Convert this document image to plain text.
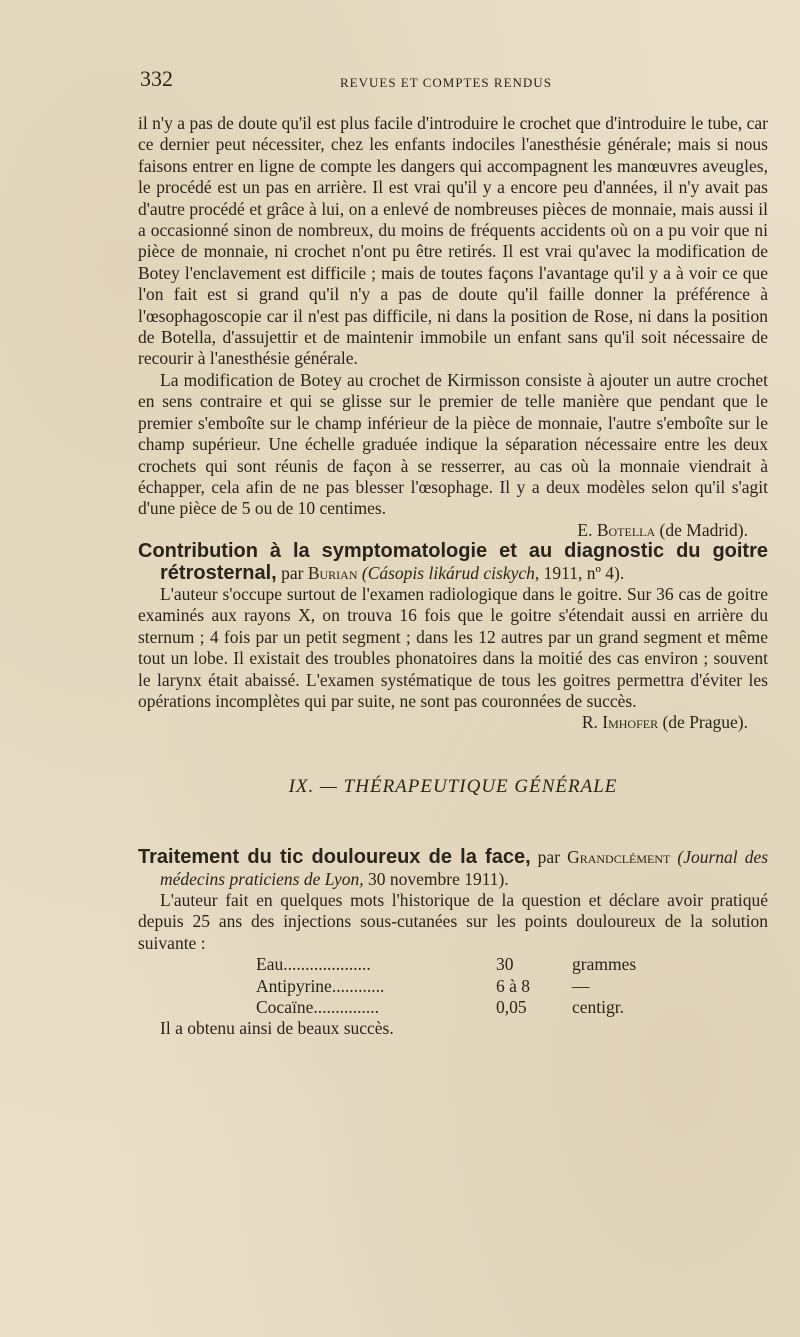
332	REVUES ET COMPTES RENDUS

il n'y a pas de doute qu'il est plus facile d'introduire le crochet que d'introduire le tube, car ce dernier peut nécessiter, chez les enfants indociles l'anesthésie générale; mais si nous faisons entrer en ligne de compte les dangers qui accompagnent les manœuvres aveugles, le procédé est un pas en arrière. Il est vrai qu'il y a encore peu d'années, il n'y avait pas d'autre procédé et grâce à lui, on a enlevé de nombreuses pièces de monnaie, mais aussi il a occasionné sinon de nombreux, du moins de fréquents accidents où on a pu voir que ni pièce de monnaie, ni crochet n'ont pu être retirés. Il est vrai qu'avec la modification de Botey l'enclavement est difficile ; mais de toutes façons l'avantage qu'il y a à voir ce que l'on fait est si grand qu'il n'y a pas de doute qu'il faille donner la préférence à l'œsophagoscopie car il n'est pas difficile, ni dans la position de Rose, ni dans la position de Botella, d'assujettir et de maintenir immobile un enfant sans qu'il soit nécessaire de recourir à l'anesthésie générale.

La modification de Botey au crochet de Kirmisson consiste à ajouter un autre crochet en sens contraire et qui se glisse sur le premier de telle manière que pendant que le premier s'emboîte sur le champ inférieur de la pièce de monnaie, l'autre s'emboîte sur le champ supérieur. Une échelle graduée indique la séparation nécessaire entre les deux crochets qui sont réunis de façon à se resserrer, au cas où la monnaie viendrait à échapper, cela afin de ne pas blesser l'œsophage. Il y a deux modèles selon qu'il s'agit d'une pièce de 5 ou de 10 centimes.

E. Botella (de Madrid).

Contribution à la symptomatologie et au diagnostic du goitre rétrosternal, par Burian (Cásopis likárud ciskych, 1911, nº 4).

L'auteur s'occupe surtout de l'examen radiologique dans le goitre. Sur 36 cas de goitre examinés aux rayons X, on trouva 16 fois que le goitre s'étendait aussi en arrière du sternum ; 4 fois par un petit segment ; dans les 12 autres par un grand segment et même tout un lobe. Il existait des troubles phonatoires dans la moitié des cas environ ; souvent le larynx était abaissé. L'examen systématique de tous les goitres permettra d'éviter les opérations incomplètes qui par suite, ne sont pas couronnées de succès.

R. Imhofer (de Prague).

IX. — THÉRAPEUTIQUE GÉNÉRALE

Traitement du tic douloureux de la face, par Grandclément (Journal des médecins praticiens de Lyon, 30 novembre 1911).

L'auteur fait en quelques mots l'historique de la question et déclare avoir pratiqué depuis 25 ans des injections sous-cutanées sur les points douloureux de la solution suivante :

Eau....................	30	grammes
Antipyrine............	6 à 8	—
Cocaïne...............	0,05	centigr.

Il a obtenu ainsi de beaux succès.
